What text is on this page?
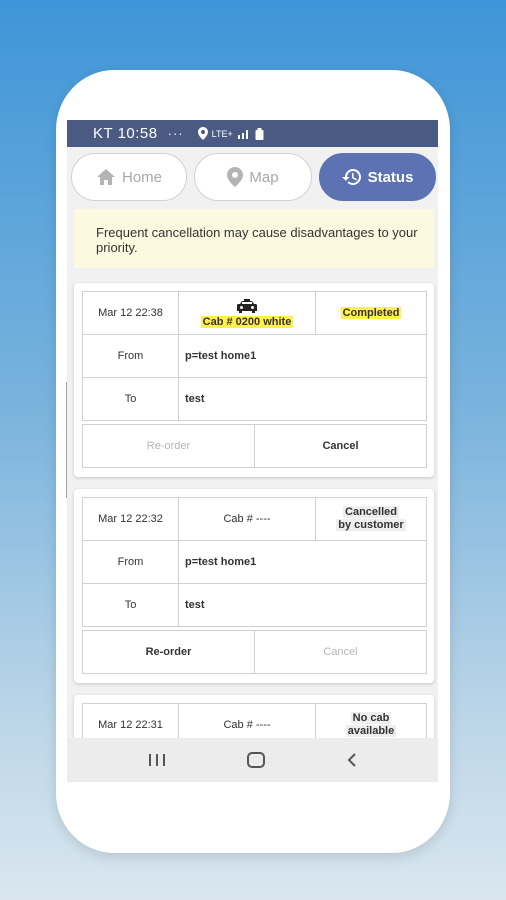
KT 10:58 ···	LTE+
Home	Map	Status
Frequent cancellation may cause disadvantages to your priority.
Mar 12 22:38	Cab # 0200 white	Completed
From	p=test home1	
To	test	
Re-order	Cancel
Mar 12 22:32	Cab # ----	Cancelled
by customer
From	p=test home1	
To	test	
Re-order	Cancel
Mar 12 22:31	Cab # ----	No cab
available
